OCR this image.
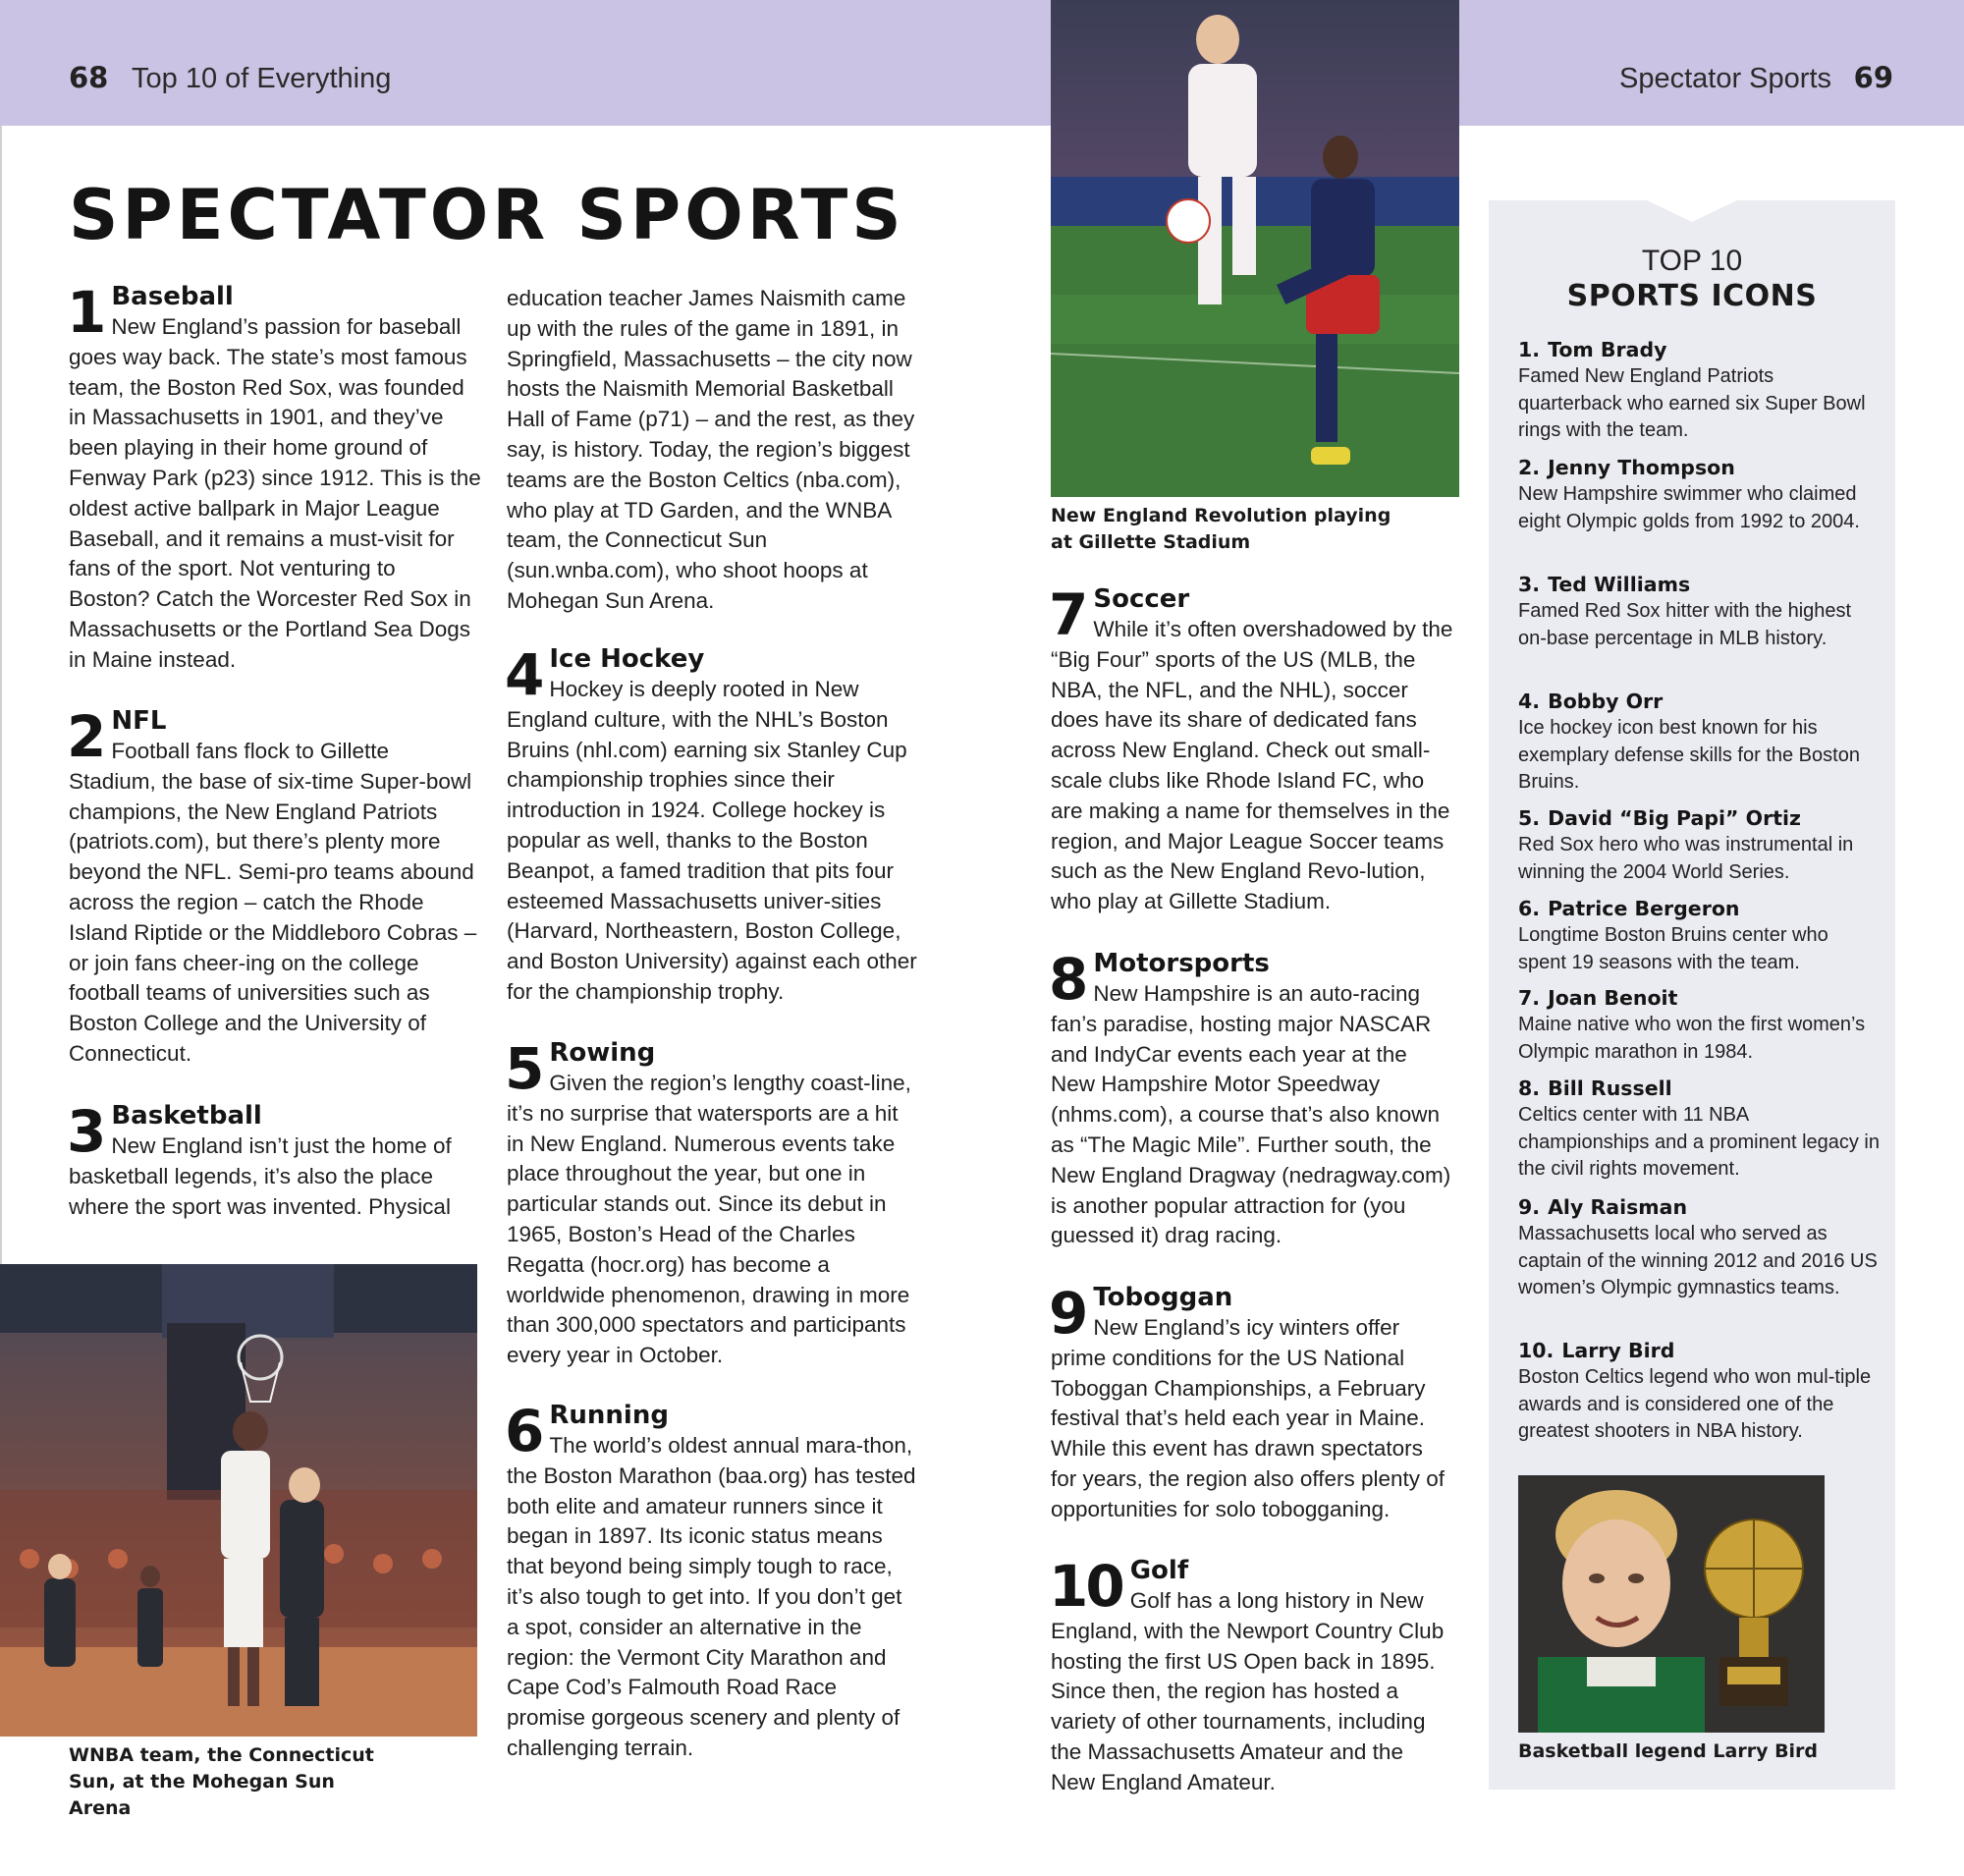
68 Top 10 of Everything	Spectator Sports 69
SPECTATOR SPORTS
1 Baseball
New England’s passion for baseball goes way back. The state’s most famous team, the Boston Red Sox, was founded in Massachusetts in 1901, and they’ve been playing in their home ground of Fenway Park (p23) since 1912. This is the oldest active ballpark in Major League Baseball, and it remains a must-visit for fans of the sport. Not venturing to Boston? Catch the Worcester Red Sox in Massachusetts or the Portland Sea Dogs in Maine instead.
2 NFL
Football fans flock to Gillette Stadium, the base of six-time Super-bowl champions, the New England Patriots (patriots.com), but there’s plenty more beyond the NFL. Semi-pro teams abound across the region – catch the Rhode Island Riptide or the Middleboro Cobras – or join fans cheer-ing on the college football teams of universities such as Boston College and the University of Connecticut.
3 Basketball
New England isn’t just the home of basketball legends, it’s also the place where the sport was invented. Physical
WNBA team, the Connecticut Sun, at the Mohegan Sun Arena
education teacher James Naismith came up with the rules of the game in 1891, in Springfield, Massachusetts – the city now hosts the Naismith Memorial Basketball Hall of Fame (p71) – and the rest, as they say, is history. Today, the region’s biggest teams are the Boston Celtics (nba.com), who play at TD Garden, and the WNBA team, the Connecticut Sun (sun.wnba.com), who shoot hoops at Mohegan Sun Arena.
4 Ice Hockey
Hockey is deeply rooted in New England culture, with the NHL’s Boston Bruins (nhl.com) earning six Stanley Cup championship trophies since their introduction in 1924. College hockey is popular as well, thanks to the Boston Beanpot, a famed tradition that pits four esteemed Massachusetts univer-sities (Harvard, Northeastern, Boston College, and Boston University) against each other for the championship trophy.
5 Rowing
Given the region’s lengthy coast-line, it’s no surprise that watersports are a hit in New England. Numerous events take place throughout the year, but one in particular stands out. Since its debut in 1965, Boston’s Head of the Charles Regatta (hocr.org) has become a worldwide phenomenon, drawing in more than 300,000 spectators and participants every year in October.
6 Running
The world’s oldest annual mara-thon, the Boston Marathon (baa.org) has tested both elite and amateur runners since it began in 1897. Its iconic status means that beyond being simply tough to race, it’s also tough to get into. If you don’t get a spot, consider an alternative in the region: the Vermont City Marathon and Cape Cod’s Falmouth Road Race promise gorgeous scenery and plenty of challenging terrain.
New England Revolution playing at Gillette Stadium
7 Soccer
While it’s often overshadowed by the “Big Four” sports of the US (MLB, the NBA, the NFL, and the NHL), soccer does have its share of dedicated fans across New England. Check out small-scale clubs like Rhode Island FC, who are making a name for themselves in the region, and Major League Soccer teams such as the New England Revo-lution, who play at Gillette Stadium.
8 Motorsports
New Hampshire is an auto-racing fan’s paradise, hosting major NASCAR and IndyCar events each year at the New Hampshire Motor Speedway (nhms.com), a course that’s also known as “The Magic Mile”. Further south, the New England Dragway (nedragway.com) is another popular attraction for (you guessed it) drag racing.
9 Toboggan
New England’s icy winters offer prime conditions for the US National Toboggan Championships, a February festival that’s held each year in Maine. While this event has drawn spectators for years, the region also offers plenty of opportunities for solo tobogganing.
10 Golf
Golf has a long history in New England, with the Newport Country Club hosting the first US Open back in 1895. Since then, the region has hosted a variety of other tournaments, including the Massachusetts Amateur and the New England Amateur.
TOP 10
SPORTS ICONS
1. Tom Brady
Famed New England Patriots quarterback who earned six Super Bowl rings with the team.
2. Jenny Thompson
New Hampshire swimmer who claimed eight Olympic golds from 1992 to 2004.
3. Ted Williams
Famed Red Sox hitter with the highest on-base percentage in MLB history.
4. Bobby Orr
Ice hockey icon best known for his exemplary defense skills for the Boston Bruins.
5. David “Big Papi” Ortiz
Red Sox hero who was instrumental in winning the 2004 World Series.
6. Patrice Bergeron
Longtime Boston Bruins center who spent 19 seasons with the team.
7. Joan Benoit
Maine native who won the first women’s Olympic marathon in 1984.
8. Bill Russell
Celtics center with 11 NBA championships and a prominent legacy in the civil rights movement.
9. Aly Raisman
Massachusetts local who served as captain of the winning 2012 and 2016 US women’s Olympic gymnastics teams.
10. Larry Bird
Boston Celtics legend who won mul-tiple awards and is considered one of the greatest shooters in NBA history.
Basketball legend Larry Bird
